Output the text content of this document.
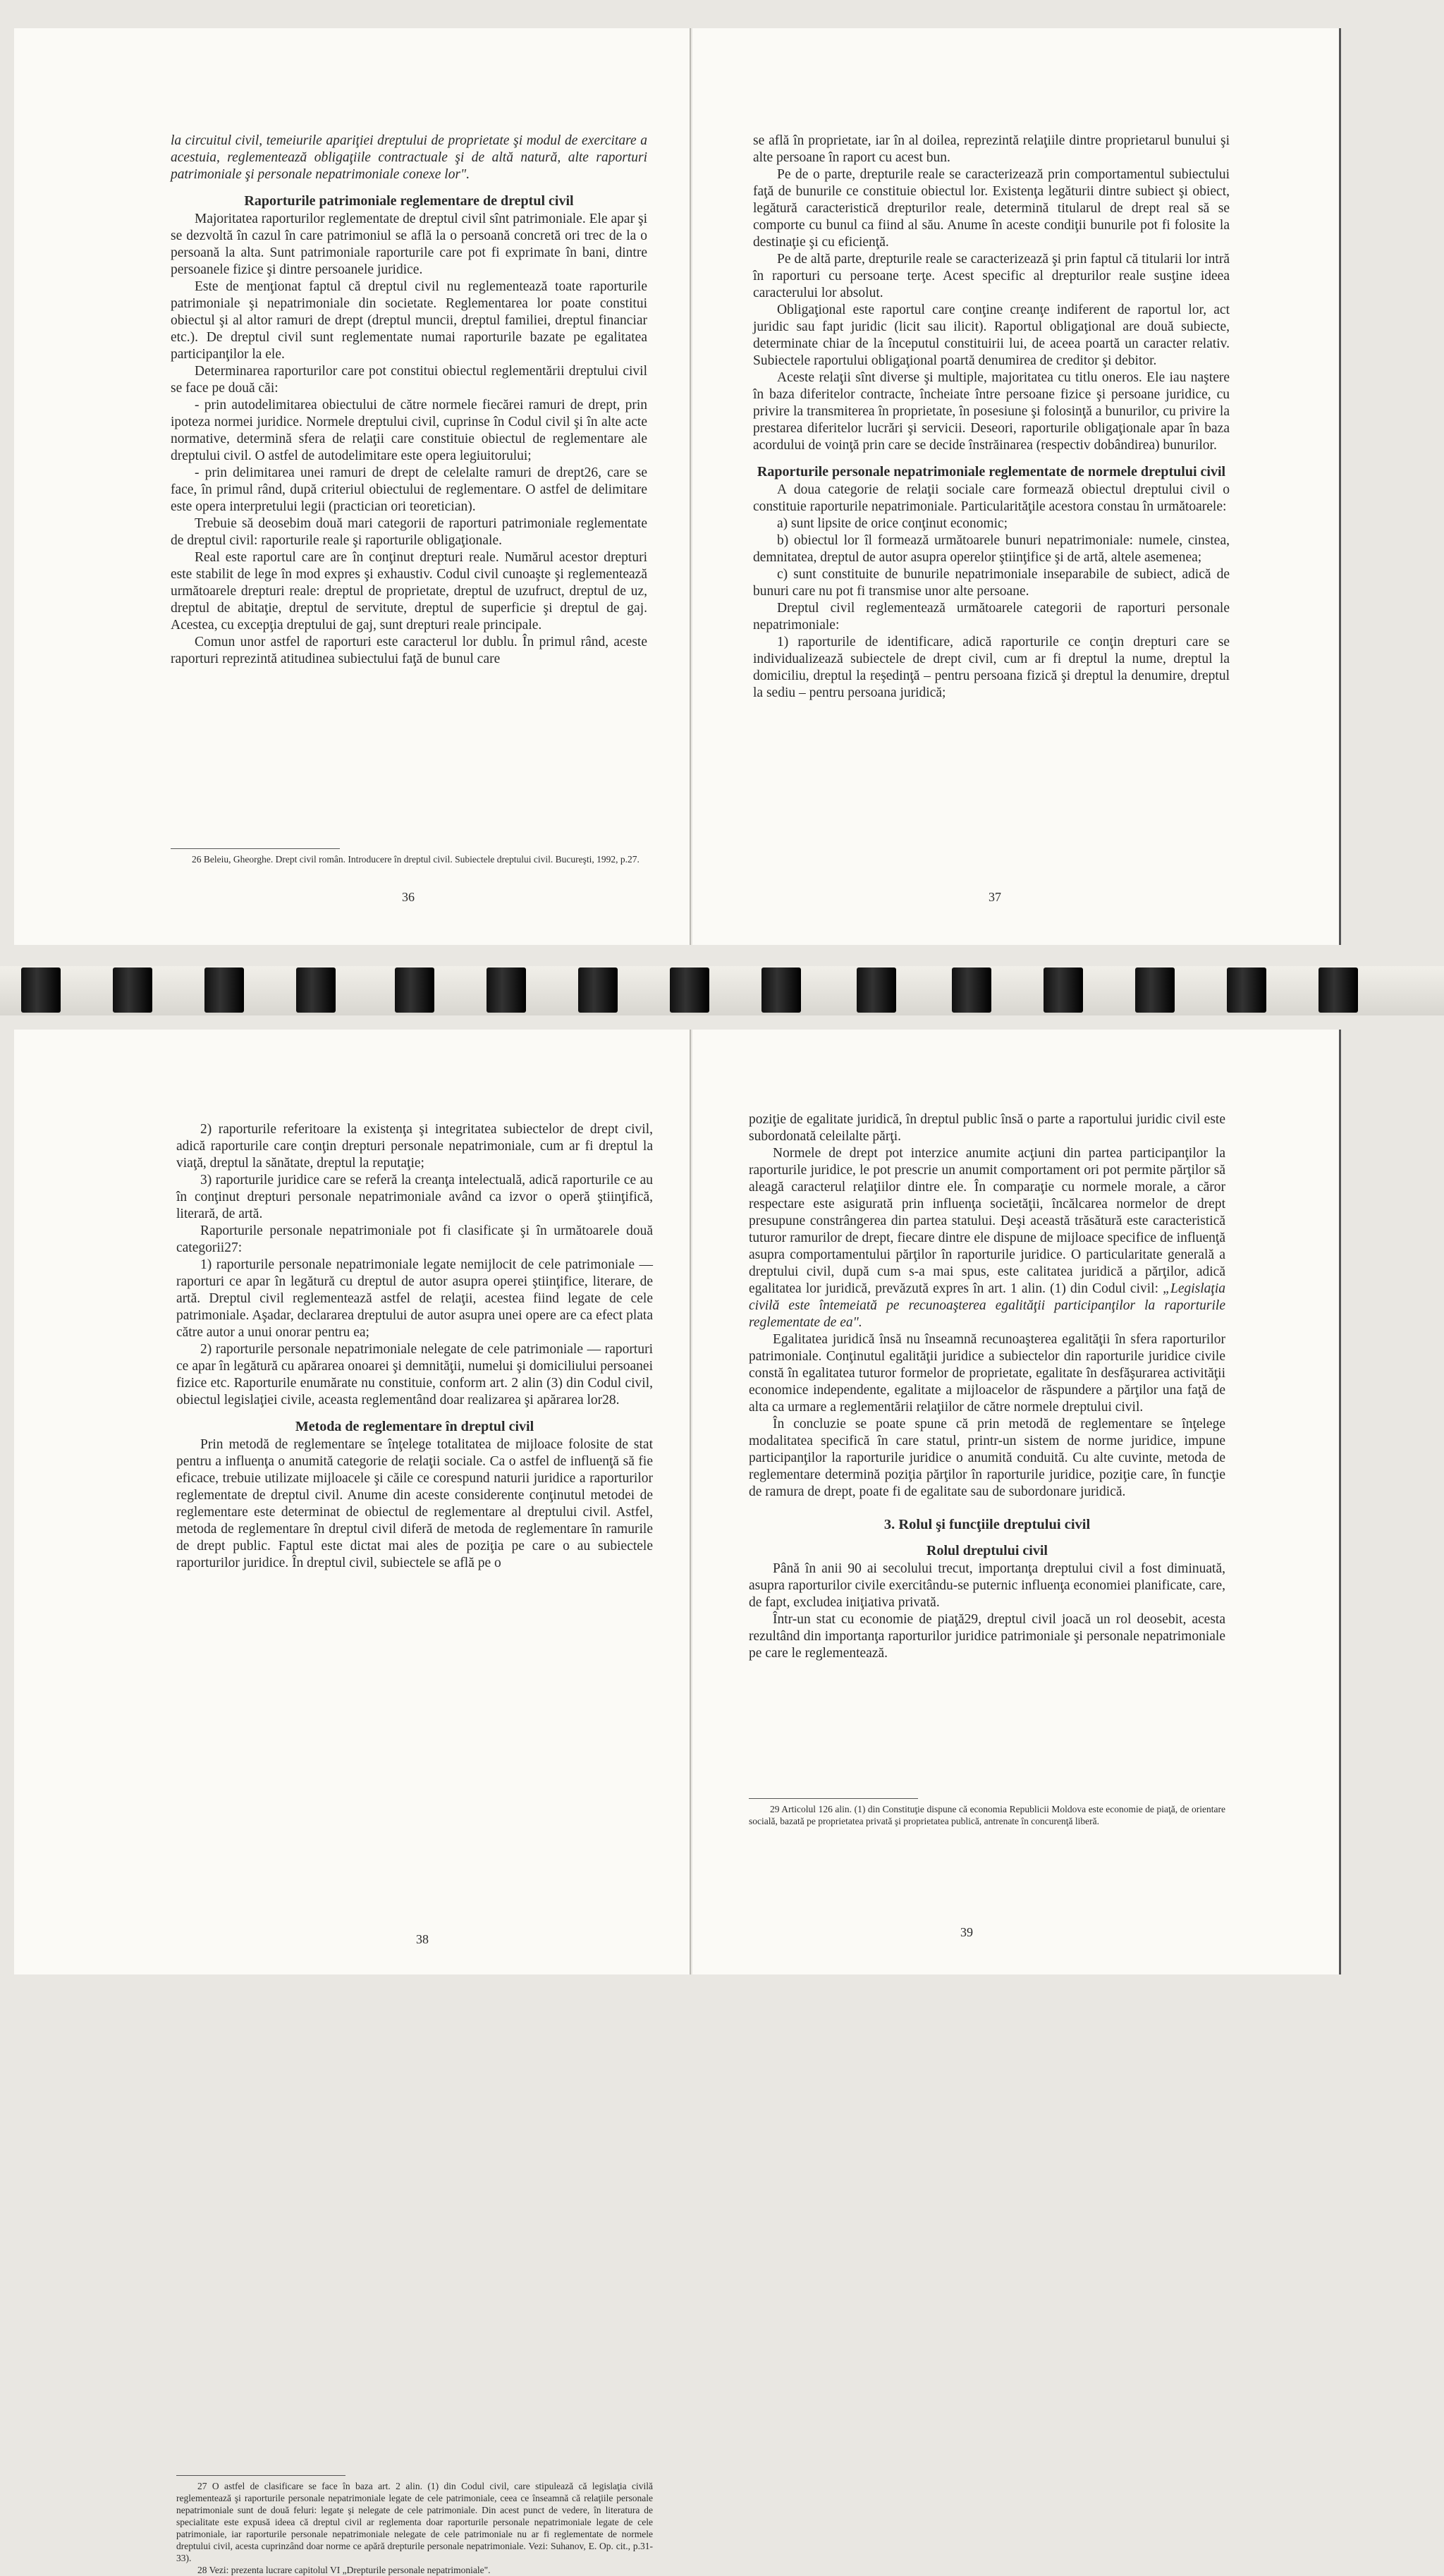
la circuitul civil, temeiurile apariţiei dreptului de proprietate şi modul de exercitare a acestuia, reglementează obligaţiile contractuale şi de altă natură, alte raporturi patrimoniale şi personale nepatrimoniale conexe lor".

Raporturile patrimoniale reglementare de dreptul civil

Majoritatea raporturilor reglementate de dreptul civil sînt patrimoniale. Ele apar şi se dezvoltă în cazul în care patrimoniul se află la o persoană concretă ori trec de la o persoană la alta. Sunt patrimoniale raporturile care pot fi exprimate în bani, dintre persoanele fizice şi dintre persoanele juridice.

Este de menţionat faptul că dreptul civil nu reglementează toate raporturile patrimoniale şi nepatrimoniale din societate. Reglementarea lor poate constitui obiectul şi al altor ramuri de drept (dreptul muncii, dreptul familiei, dreptul financiar etc.). De dreptul civil sunt reglementate numai raporturile bazate pe egalitatea participanţilor la ele.

Determinarea raporturilor care pot constitui obiectul reglementării dreptului civil se face pe două căi:

- prin autodelimitarea obiectului de către normele fiecărei ramuri de drept, prin ipoteza normei juridice. Normele dreptului civil, cuprinse în Codul civil şi în alte acte normative, determină sfera de relaţii care constituie obiectul de reglementare ale dreptului civil. O astfel de autodelimitare este opera legiuitorului;

- prin delimitarea unei ramuri de drept de celelalte ramuri de drept26, care se face, în primul rând, după criteriul obiectului de reglementare. O astfel de delimitare este opera interpretului legii (practician ori teoretician).

Trebuie să deosebim două mari categorii de raporturi patrimoniale reglementate de dreptul civil: raporturile reale şi raporturile obligaţionale.

Real este raportul care are în conţinut drepturi reale. Numărul acestor drepturi este stabilit de lege în mod expres şi exhaustiv. Codul civil cunoaşte şi reglementează următoarele drepturi reale: dreptul de proprietate, dreptul de uzufruct, dreptul de uz, dreptul de abitaţie, dreptul de servitute, dreptul de superficie şi dreptul de gaj. Acestea, cu excepţia dreptului de gaj, sunt drepturi reale principale.

Comun unor astfel de raporturi este caracterul lor dublu. În primul rând, aceste raporturi reprezintă atitudinea subiectului faţă de bunul care

26 Beleiu, Gheorghe. Drept civil român. Introducere în dreptul civil. Subiectele dreptului civil. Bucureşti, 1992, p.27.

36

se află în proprietate, iar în al doilea, reprezintă relaţiile dintre proprietarul bunului şi alte persoane în raport cu acest bun.

Pe de o parte, drepturile reale se caracterizează prin comportamentul subiectului faţă de bunurile ce constituie obiectul lor. Existenţa legăturii dintre subiect şi obiect, legătură caracteristică drepturilor reale, determină titularul de drept real să se comporte cu bunul ca fiind al său. Anume în aceste condiţii bunurile pot fi folosite la destinaţie şi cu eficienţă.

Pe de altă parte, drepturile reale se caracterizează şi prin faptul că titularii lor intră în raporturi cu persoane terţe. Acest specific al drepturilor reale susţine ideea caracterului lor absolut.

Obligaţional este raportul care conţine creanţe indiferent de raportul lor, act juridic sau fapt juridic (licit sau ilicit). Raportul obligaţional are două subiecte, determinate chiar de la începutul constituirii lui, de aceea poartă un caracter relativ. Subiectele raportului obligaţional poartă denumirea de creditor şi debitor.

Aceste relaţii sînt diverse şi multiple, majoritatea cu titlu oneros. Ele iau naştere în baza diferitelor contracte, încheiate între persoane fizice şi persoane juridice, cu privire la transmiterea în proprietate, în posesiune şi folosinţă a bunurilor, cu privire la prestarea diferitelor lucrări şi servicii. Deseori, raporturile obligaţionale apar în baza acordului de voinţă prin care se decide înstrăinarea (respectiv dobândirea) bunurilor.

Raporturile personale nepatrimoniale reglementate de normele dreptului civil

A doua categorie de relaţii sociale care formează obiectul dreptului civil o constituie raporturile nepatrimoniale. Particularităţile acestora constau în următoarele:

a) sunt lipsite de orice conţinut economic;

b) obiectul lor îl formează următoarele bunuri nepatrimoniale: numele, cinstea, demnitatea, dreptul de autor asupra operelor ştiinţifice şi de artă, altele asemenea;

c) sunt constituite de bunurile nepatrimoniale inseparabile de subiect, adică de bunuri care nu pot fi transmise unor alte persoane.

Dreptul civil reglementează următoarele categorii de raporturi personale nepatrimoniale:

1) raporturile de identificare, adică raporturile ce conţin drepturi care se individualizează subiectele de drept civil, cum ar fi dreptul la nume, dreptul la domiciliu, dreptul la reşedinţă – pentru persoana fizică şi dreptul la denumire, dreptul la sediu – pentru persoana juridică;

37

2) raporturile referitoare la existenţa şi integritatea subiectelor de drept civil, adică raporturile care conţin drepturi personale nepatrimoniale, cum ar fi dreptul la viaţă, dreptul la sănătate, dreptul la reputaţie;

3) raporturile juridice care se referă la creanţa intelectuală, adică raporturile ce au în conţinut drepturi personale nepatrimoniale având ca izvor o operă ştiinţifică, literară, de artă.

Raporturile personale nepatrimoniale pot fi clasificate şi în următoarele două categorii27:

1) raporturile personale nepatrimoniale legate nemijlocit de cele patrimoniale — raporturi ce apar în legătură cu dreptul de autor asupra operei ştiinţifice, literare, de artă. Dreptul civil reglementează astfel de relaţii, acestea fiind legate de cele patrimoniale. Aşadar, declararea dreptului de autor asupra unei opere are ca efect plata către autor a unui onorar pentru ea;

2) raporturile personale nepatrimoniale nelegate de cele patrimoniale — raporturi ce apar în legătură cu apărarea onoarei şi demnităţii, numelui şi domiciliului persoanei fizice etc. Raporturile enumărate nu constituie, conform art. 2 alin (3) din Codul civil, obiectul legislaţiei civile, aceasta reglementând doar realizarea şi apărarea lor28.

Metoda de reglementare în dreptul civil

Prin metodă de reglementare se înţelege totalitatea de mijloace folosite de stat pentru a influenţa o anumită categorie de relaţii sociale. Ca o astfel de influenţă să fie eficace, trebuie utilizate mijloacele şi căile ce corespund naturii juridice a raporturilor reglementate de dreptul civil. Anume din aceste considerente conţinutul metodei de reglementare este determinat de obiectul de reglementare al dreptului civil. Astfel, metoda de reglementare în dreptul civil diferă de metoda de reglementare în ramurile de drept public. Faptul este dictat mai ales de poziţia pe care o au subiectele raporturilor juridice. În dreptul civil, subiectele se află pe o

27 O astfel de clasificare se face în baza art. 2 alin. (1) din Codul civil, care stipulează că legislaţia civilă reglementează şi raporturile personale nepatrimoniale legate de cele patrimoniale, ceea ce înseamnă că relaţiile personale nepatrimoniale sunt de două feluri: legate şi nelegate de cele patrimoniale. Din acest punct de vedere, în literatura de specialitate este expusă ideea că dreptul civil ar reglementa doar raporturile personale nepatrimoniale legate de cele patrimoniale, iar raporturile personale nepatrimoniale nelegate de cele patrimoniale nu ar fi reglementate de normele dreptului civil, acesta cuprinzând doar norme ce apără drepturile personale nepatrimoniale. Vezi: Suhanov, E. Op. cit., p.31- 33).

28 Vezi: prezenta lucrare capitolul VI „Drepturile personale nepatrimoniale".

38

poziţie de egalitate juridică, în dreptul public însă o parte a raportului juridic civil este subordonată celeilalte părţi.

Normele de drept pot interzice anumite acţiuni din partea participanţilor la raporturile juridice, le pot prescrie un anumit comportament ori pot permite părţilor să aleagă caracterul relaţiilor dintre ele. În comparaţie cu normele morale, a căror respectare este asigurată prin influenţa societăţii, încălcarea normelor de drept presupune constrângerea din partea statului. Deşi această trăsătură este caracteristică tuturor ramurilor de drept, fiecare dintre ele dispune de mijloace specifice de influenţă asupra comportamentului părţilor în raporturile juridice. O particularitate generală a dreptului civil, după cum s-a mai spus, este calitatea juridică a părţilor, adică egalitatea lor juridică, prevăzută expres în art. 1 alin. (1) din Codul civil: „Legislaţia civilă este întemeiată pe recunoaşterea egalităţii participanţilor la raporturile reglementate de ea".

Egalitatea juridică însă nu înseamnă recunoaşterea egalităţii în sfera raporturilor patrimoniale. Conţinutul egalităţii juridice a subiectelor din raporturile juridice civile constă în egalitatea tuturor formelor de proprietate, egalitate în desfăşurarea activităţii economice independente, egalitate a mijloacelor de răspundere a părţilor una faţă de alta ca urmare a reglementării relaţiilor de către normele dreptului civil.

În concluzie se poate spune că prin metodă de reglementare se înţelege modalitatea specifică în care statul, printr-un sistem de norme juridice, impune participanţilor la raporturile juridice o anumită conduită. Cu alte cuvinte, metoda de reglementare determină poziţia părţilor în raporturile juridice, poziţie care, în funcţie de ramura de drept, poate fi de egalitate sau de subordonare juridică.

3. Rolul şi funcţiile dreptului civil
Rolul dreptului civil

Până în anii 90 ai secolului trecut, importanţa dreptului civil a fost diminuată, asupra raporturilor civile exercitându-se puternic influenţa economiei planificate, care, de fapt, excludea iniţiativa privată.

Într-un stat cu economie de piaţă29, dreptul civil joacă un rol deosebit, acesta rezultând din importanţa raporturilor juridice patrimoniale şi personale nepatrimoniale pe care le reglementează.

29 Articolul 126 alin. (1) din Constituţie dispune că economia Republicii Moldova este economie de piaţă, de orientare socială, bazată pe proprietatea privată şi proprietatea publică, antrenate în concurenţă liberă.

39
